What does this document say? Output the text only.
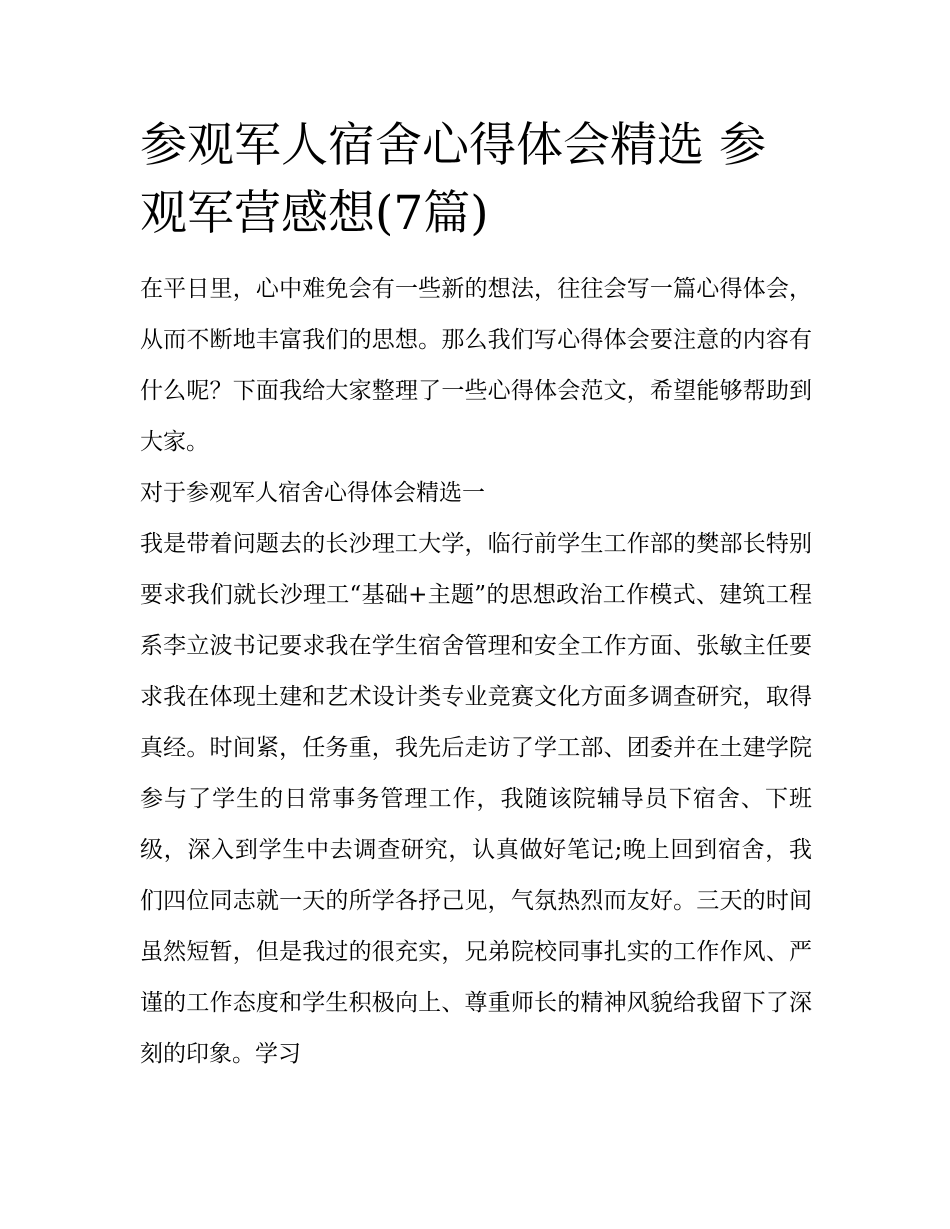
参观军人宿舍心得体会精选 参观军营感想(7篇)

在平日里，心中难免会有一些新的想法，往往会写一篇心得体会，从而不断地丰富我们的思想。那么我们写心得体会要注意的内容有什么呢？下面我给大家整理了一些心得体会范文，希望能够帮助到大家。

对于参观军人宿舍心得体会精选一

我是带着问题去的长沙理工大学，临行前学生工作部的樊部长特别要求我们就长沙理工“基础+主题”的思想政治工作模式、建筑工程系李立波书记要求我在学生宿舍管理和安全工作方面、张敏主任要求我在体现土建和艺术设计类专业竞赛文化方面多调查研究，取得真经。时间紧，任务重，我先后走访了学工部、团委并在土建学院参与了学生的日常事务管理工作，我随该院辅导员下宿舍、下班级，深入到学生中去调查研究，认真做好笔记;晚上回到宿舍，我们四位同志就一天的所学各抒己见，气氛热烈而友好。三天的时间虽然短暂，但是我过的很充实，兄弟院校同事扎实的工作作风、严谨的工作态度和学生积极向上、尊重师长的精神风貌给我留下了深刻的印象。学习
